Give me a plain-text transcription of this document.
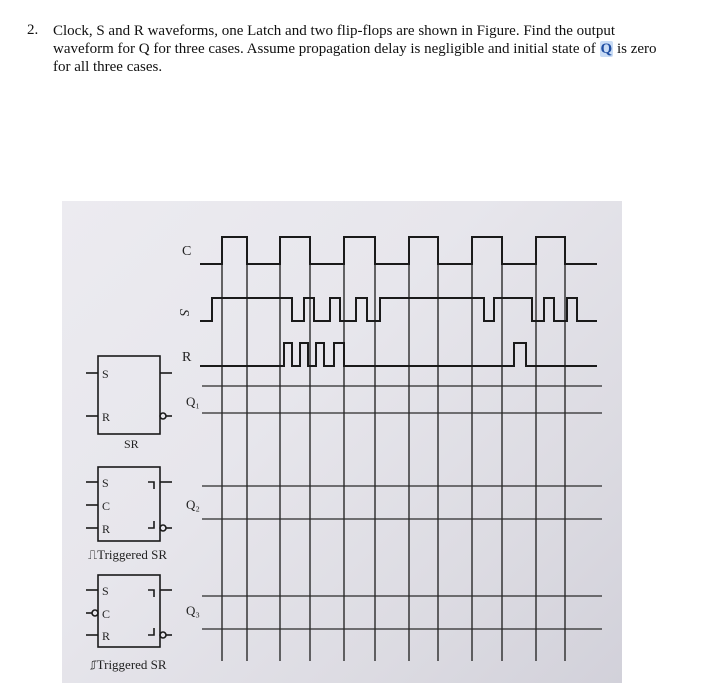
2. Clock, S and R waveforms, one Latch and two flip-flops are shown in Figure. Find the output
waveform for Q for three cases. Assume propagation delay is negligible and initial state of Q is zero
for all three cases.
C
S
R
Q₁
Q₂
Q₃
S
R
SR
S
C
R
⎍Triggered SR
S
C
R
⎎Triggered SR
